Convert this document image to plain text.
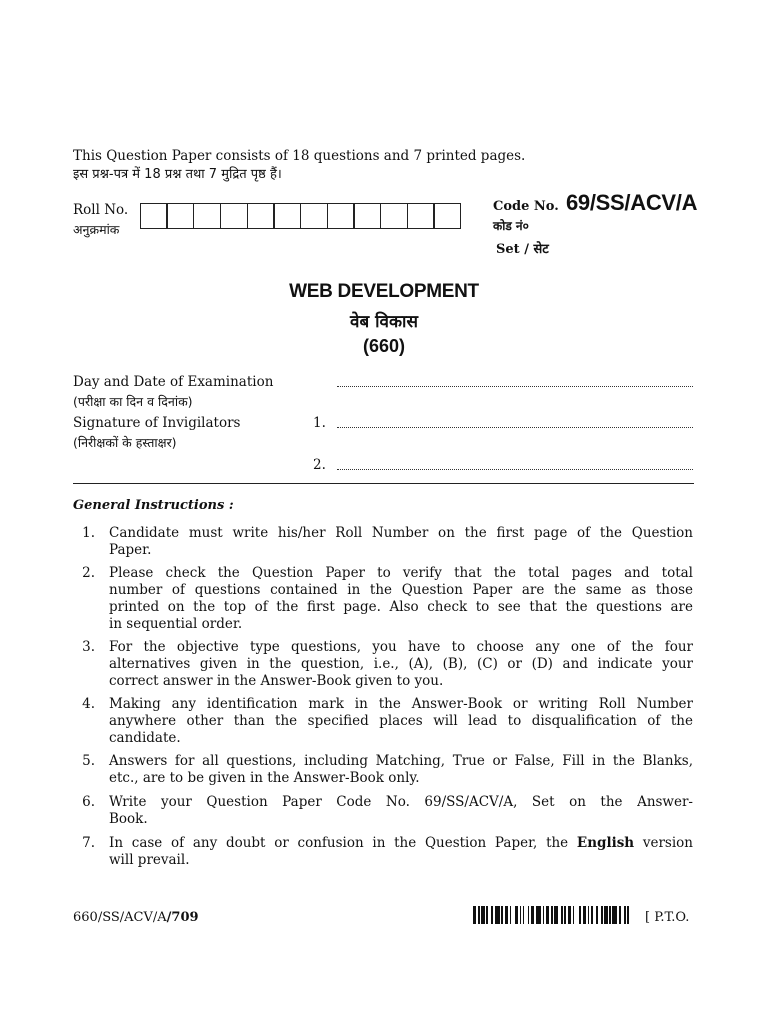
This Question Paper consists of 18 questions and 7 printed pages.
इस प्रश्न-पत्र में 18 प्रश्न तथा 7 मुद्रित पृष्ठ हैं।
Roll No.
अनुक्रमांक
Code No. 69/SS/ACV/A
कोड नं०
Set / सेट
WEB DEVELOPMENT
वेब विकास
(660)
Day and Date of Examination
(परीक्षा का दिन व दिनांक)
Signature of Invigilators
(निरीक्षकों के हस्ताक्षर)
1.
2.
General Instructions :
1. Candidate must write his/her Roll Number on the first page of the Question
Paper.
2. Please check the Question Paper to verify that the total pages and total
number of questions contained in the Question Paper are the same as those
printed on the top of the first page. Also check to see that the questions are
in sequential order.
3. For the objective type questions, you have to choose any one of the four
alternatives given in the question, i.e., (A), (B), (C) or (D) and indicate your
correct answer in the Answer-Book given to you.
4. Making any identification mark in the Answer-Book or writing Roll Number
anywhere other than the specified places will lead to disqualification of the
candidate.
5. Answers for all questions, including Matching, True or False, Fill in the Blanks,
etc., are to be given in the Answer-Book only.
6. Write your Question Paper Code No. 69/SS/ACV/A, Set on the Answer-
Book.
7. In case of any doubt or confusion in the Question Paper, the English version
will prevail.
660/SS/ACV/A/709	[ P.T.O.
